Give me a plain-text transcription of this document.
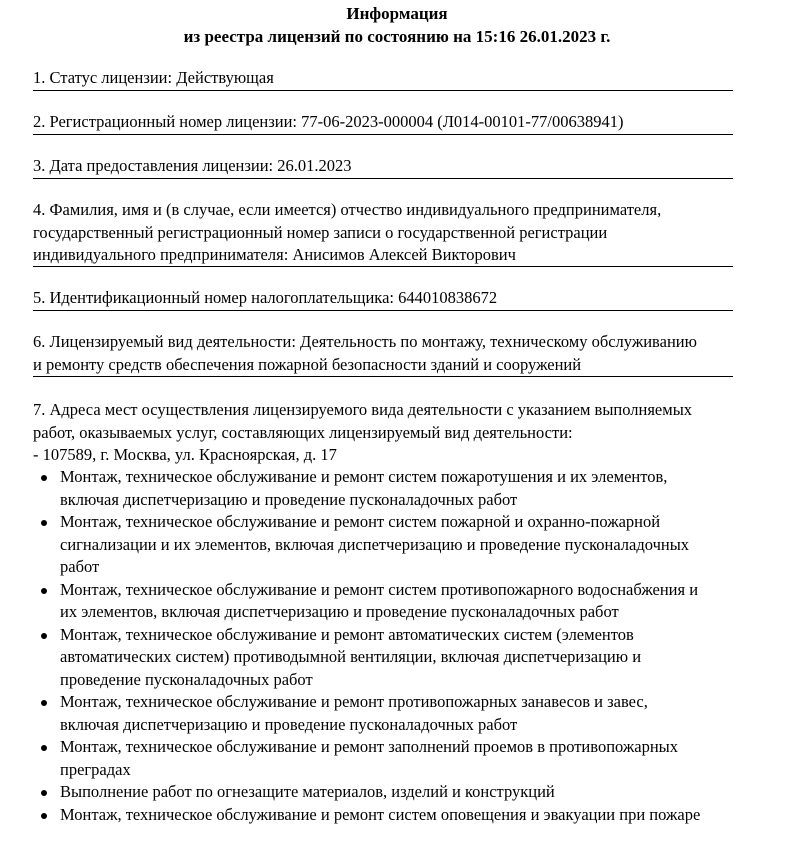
Информация
из реестра лицензий по состоянию на 15:16 26.01.2023 г.
1. Статус лицензии: Действующая
2. Регистрационный номер лицензии: 77-06-2023-000004 (Л014-00101-77/00638941)
3. Дата предоставления лицензии: 26.01.2023
4. Фамилия, имя и (в случае, если имеется) отчество индивидуального предпринимателя,
государственный регистрационный номер записи о государственной регистрации
индивидуального предпринимателя: Анисимов Алексей Викторович
5. Идентификационный номер налогоплательщика: 644010838672
6. Лицензируемый вид деятельности: Деятельность по монтажу, техническому обслуживанию
и ремонту средств обеспечения пожарной безопасности зданий и сооружений
7. Адреса мест осуществления лицензируемого вида деятельности с указанием выполняемых
работ, оказываемых услуг, составляющих лицензируемый вид деятельности:
- 107589, г. Москва, ул. Красноярская, д. 17
Монтаж, техническое обслуживание и ремонт систем пожаротушения и их элементов,
включая диспетчеризацию и проведение пусконаладочных работ
Монтаж, техническое обслуживание и ремонт систем пожарной и охранно-пожарной
сигнализации и их элементов, включая диспетчеризацию и проведение пусконаладочных
работ
Монтаж, техническое обслуживание и ремонт систем противопожарного водоснабжения и
их элементов, включая диспетчеризацию и проведение пусконаладочных работ
Монтаж, техническое обслуживание и ремонт автоматических систем (элементов
автоматических систем) противодымной вентиляции, включая диспетчеризацию и
проведение пусконаладочных работ
Монтаж, техническое обслуживание и ремонт противопожарных занавесов и завес,
включая диспетчеризацию и проведение пусконаладочных работ
Монтаж, техническое обслуживание и ремонт заполнений проемов в противопожарных
преградах
Выполнение работ по огнезащите материалов, изделий и конструкций
Монтаж, техническое обслуживание и ремонт систем оповещения и эвакуации при пожаре
